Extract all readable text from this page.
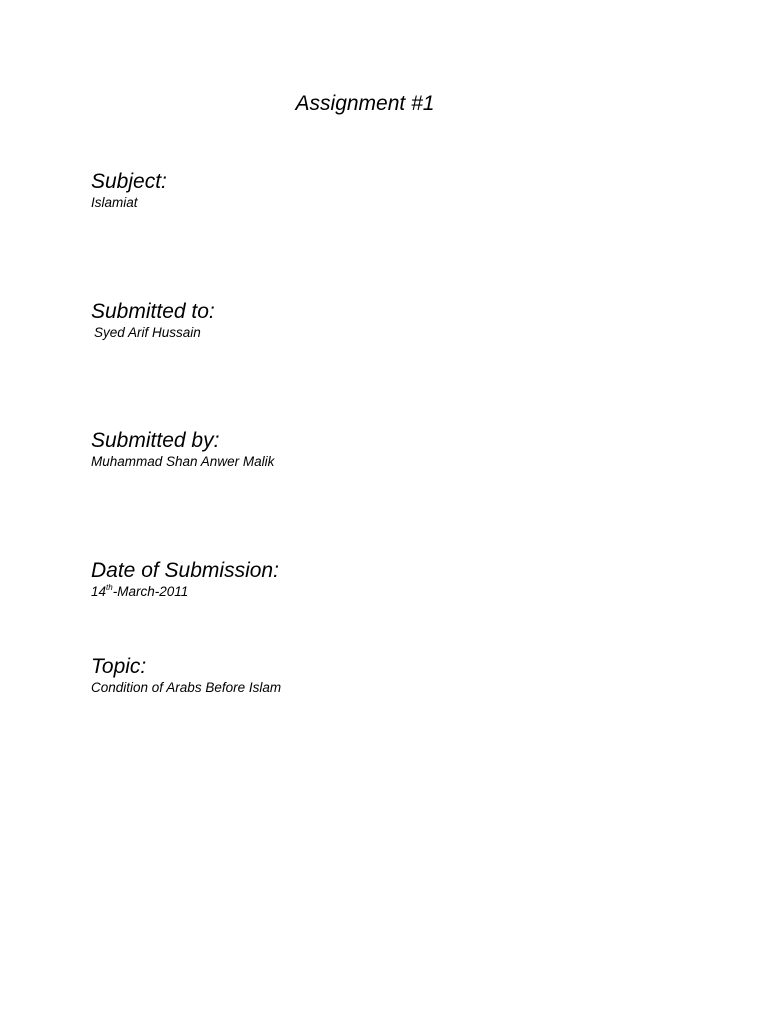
Assignment #1
Subject:
Islamiat
Submitted to:
Syed Arif Hussain
Submitted by:
Muhammad Shan Anwer Malik
Date of Submission:
14th-March-2011
Topic:
Condition of Arabs Before Islam
